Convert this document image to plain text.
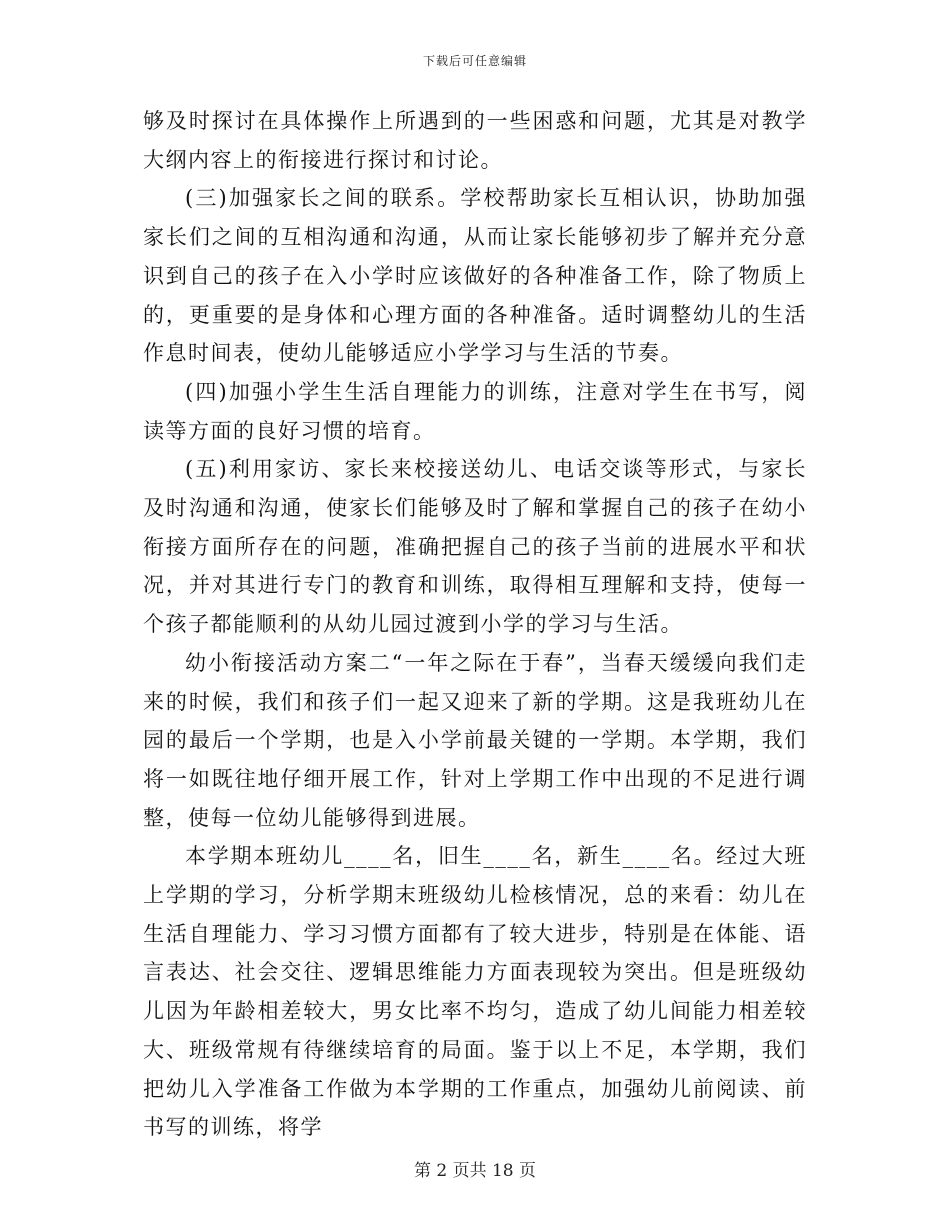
下载后可任意编辑

够及时探讨在具体操作上所遇到的一些困惑和问题，尤其是对教学大纲内容上的衔接进行探讨和讨论。

(三)加强家长之间的联系。学校帮助家长互相认识，协助加强家长们之间的互相沟通和沟通，从而让家长能够初步了解并充分意识到自己的孩子在入小学时应该做好的各种准备工作，除了物质上的，更重要的是身体和心理方面的各种准备。适时调整幼儿的生活作息时间表，使幼儿能够适应小学学习与生活的节奏。

(四)加强小学生生活自理能力的训练，注意对学生在书写，阅读等方面的良好习惯的培育。

(五)利用家访、家长来校接送幼儿、电话交谈等形式，与家长及时沟通和沟通，使家长们能够及时了解和掌握自己的孩子在幼小衔接方面所存在的问题，准确把握自己的孩子当前的进展水平和状况，并对其进行专门的教育和训练，取得相互理解和支持，使每一个孩子都能顺利的从幼儿园过渡到小学的学习与生活。

幼小衔接活动方案二“一年之际在于春”，当春天缓缓向我们走来的时候，我们和孩子们一起又迎来了新的学期。这是我班幼儿在园的最后一个学期，也是入小学前最关键的一学期。本学期，我们将一如既往地仔细开展工作，针对上学期工作中出现的不足进行调整，使每一位幼儿能够得到进展。

本学期本班幼儿____名，旧生____名，新生____名。经过大班上学期的学习，分析学期末班级幼儿检核情况，总的来看：幼儿在生活自理能力、学习习惯方面都有了较大进步，特别是在体能、语言表达、社会交往、逻辑思维能力方面表现较为突出。但是班级幼儿因为年龄相差较大，男女比率不均匀，造成了幼儿间能力相差较大、班级常规有待继续培育的局面。鉴于以上不足，本学期，我们把幼儿入学准备工作做为本学期的工作重点，加强幼儿前阅读、前书写的训练，将学

第 2 页共 18 页
